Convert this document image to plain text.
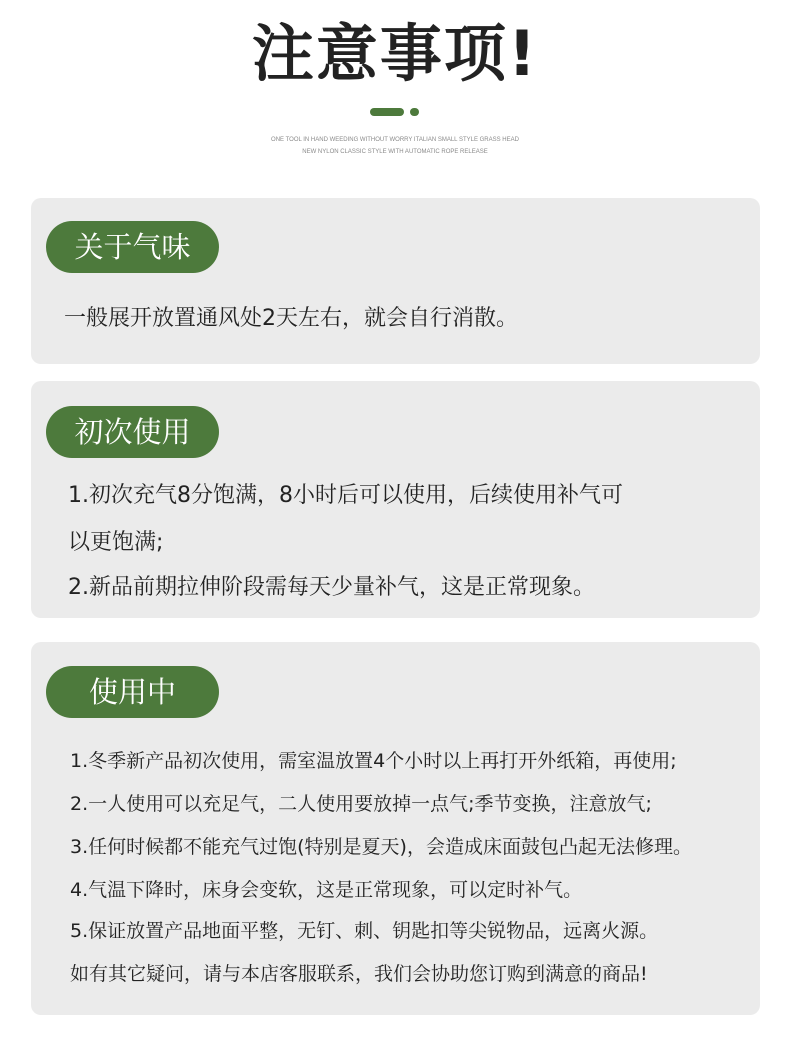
注意事项!
ONE TOOL IN HAND WEEDING WITHOUT WORRY ITALIAN SMALL STYLE GRASS HEAD
NEW NYLON CLASSIC STYLE WITH AUTOMATIC ROPE RELEASE
关于气味
一般展开放置通风处2天左右，就会自行消散。
初次使用
1.初次充气8分饱满，8小时后可以使用，后续使用补气可
以更饱满;
2.新品前期拉伸阶段需每天少量补气，这是正常现象。
使用中
1.冬季新产品初次使用，需室温放置4个小时以上再打开外纸箱，再使用;
2.一人使用可以充足气，二人使用要放掉一点气;季节变换，注意放气;
3.任何时候都不能充气过饱(特别是夏天)，会造成床面鼓包凸起无法修理。
4.气温下降时，床身会变软，这是正常现象，可以定时补气。
5.保证放置产品地面平整，无钉、刺、钥匙扣等尖锐物品，远离火源。
如有其它疑问，请与本店客服联系，我们会协助您订购到满意的商品!
